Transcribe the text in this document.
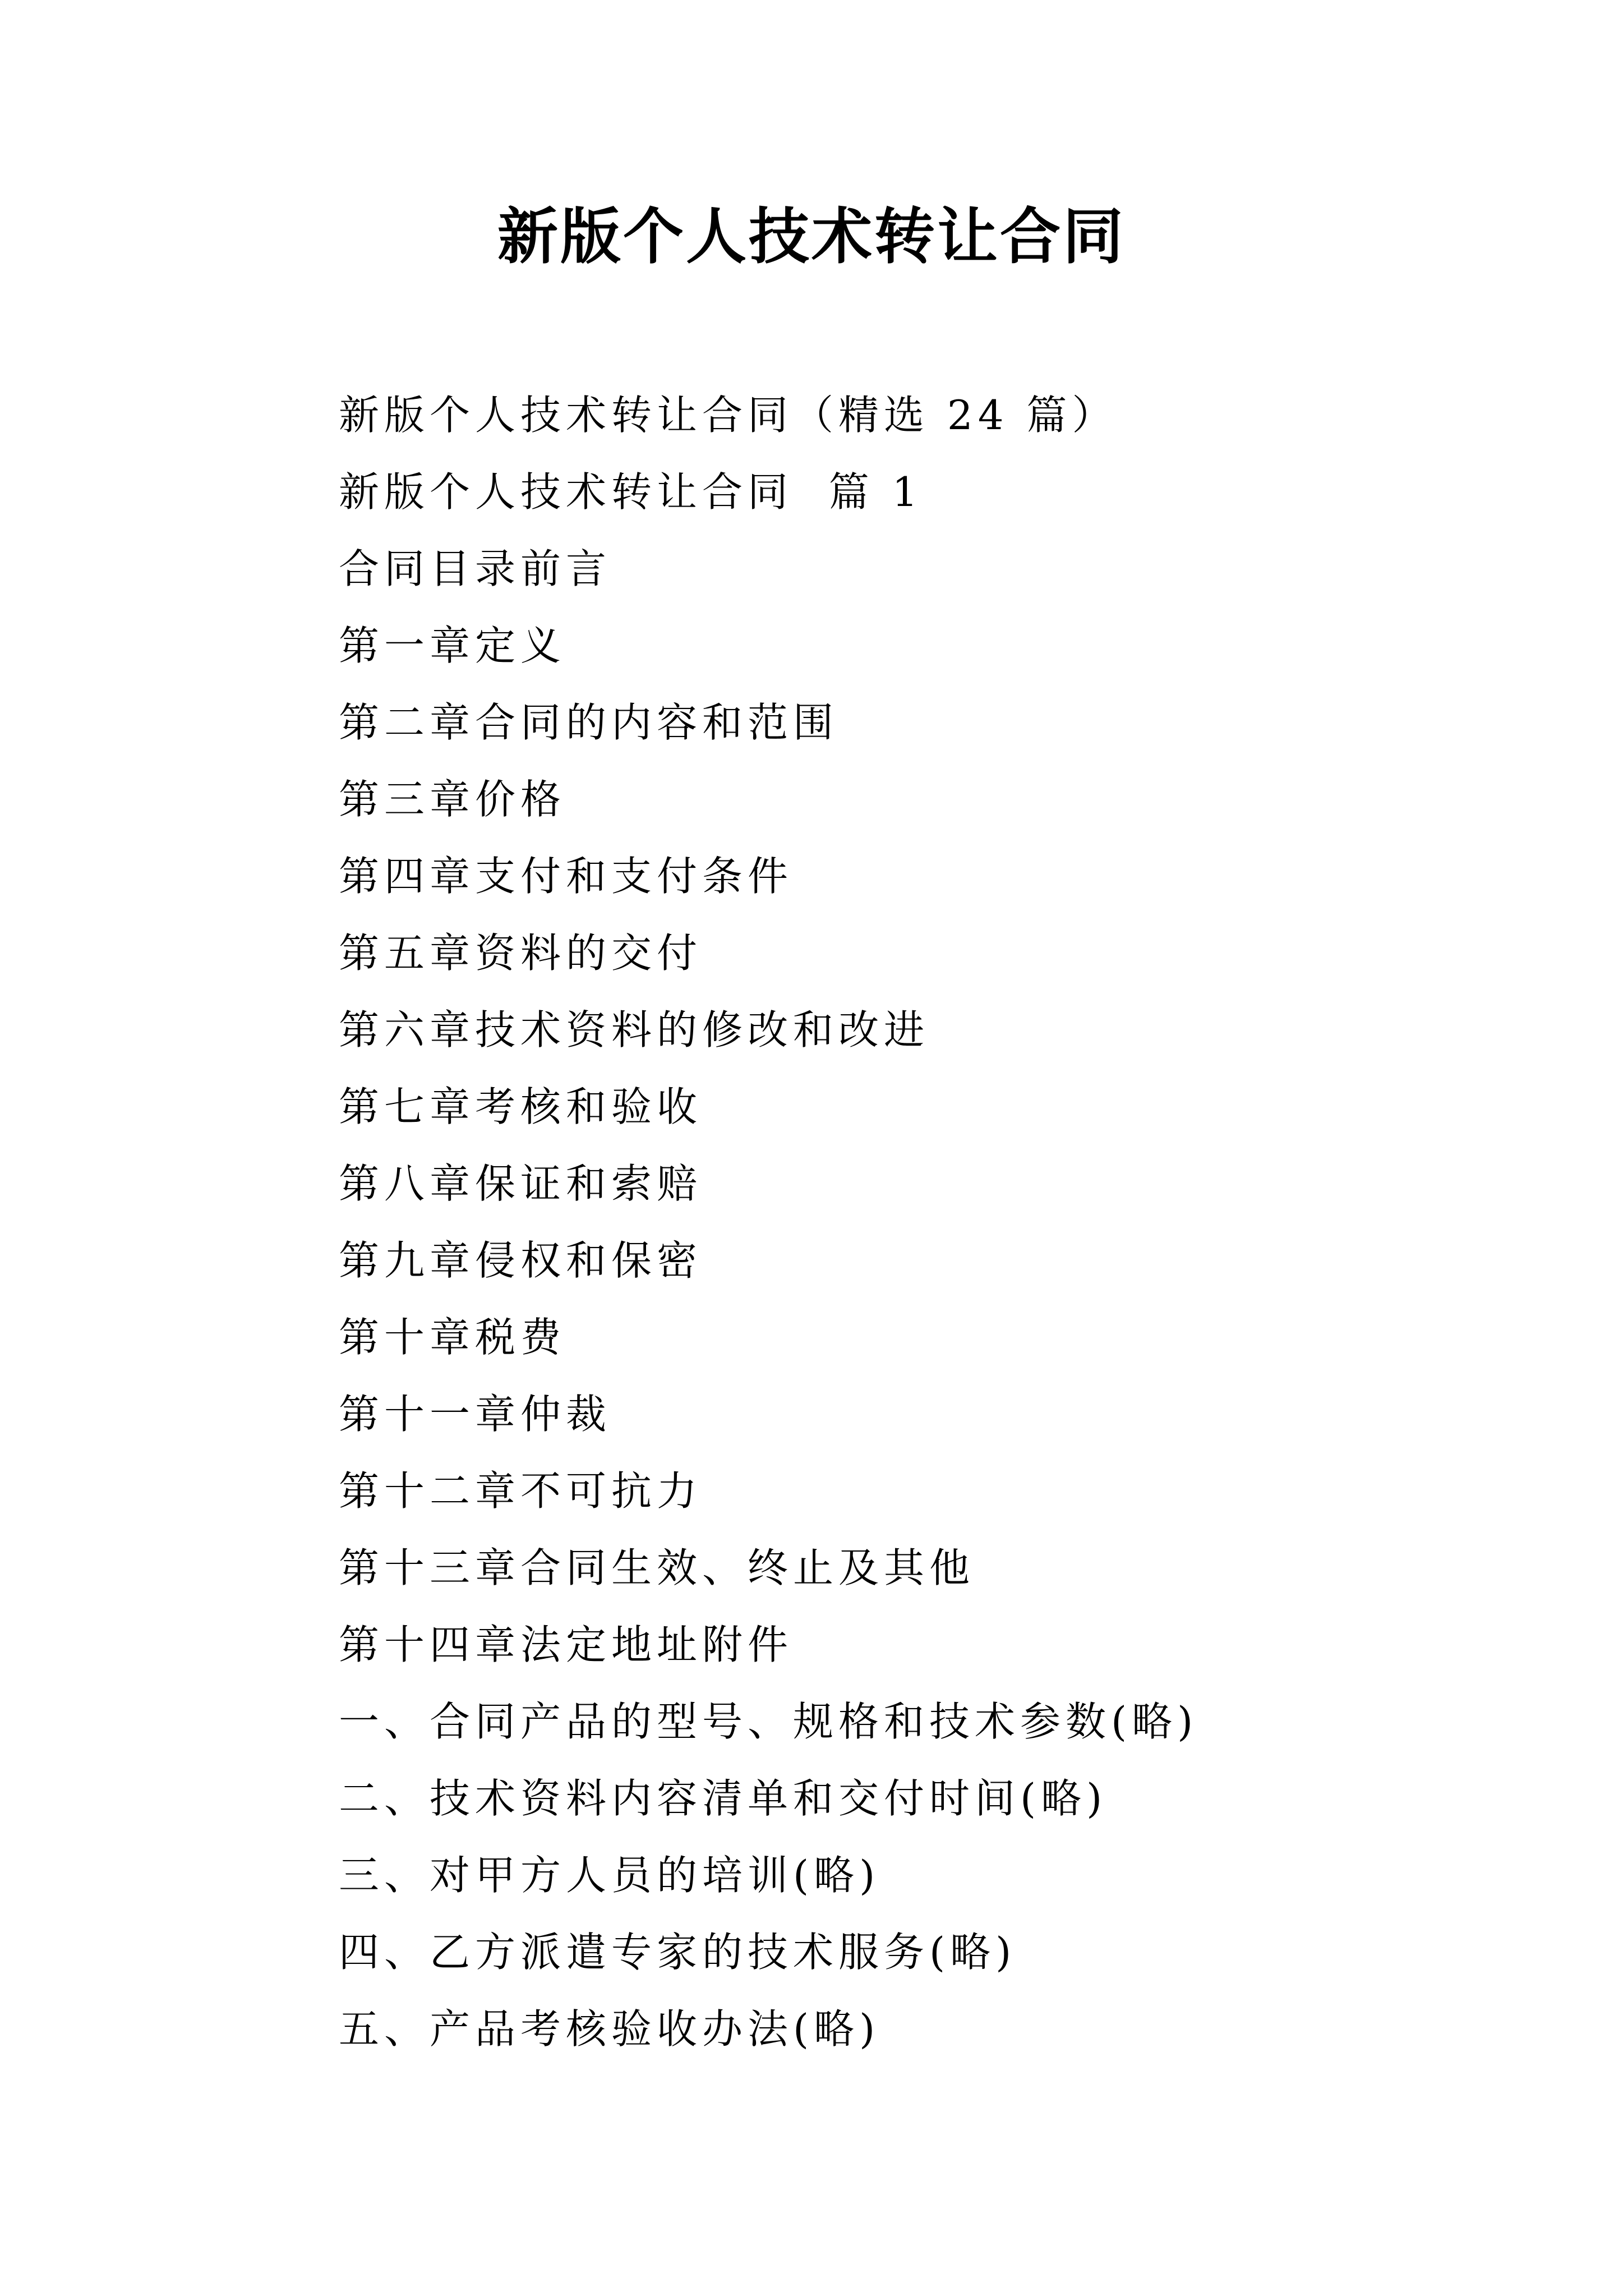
新版个人技术转让合同
新版个人技术转让合同（精选 24 篇）
新版个人技术转让合同  篇 1
合同目录前言
第一章定义
第二章合同的内容和范围
第三章价格
第四章支付和支付条件
第五章资料的交付
第六章技术资料的修改和改进
第七章考核和验收
第八章保证和索赔
第九章侵权和保密
第十章税费
第十一章仲裁
第十二章不可抗力
第十三章合同生效、终止及其他
第十四章法定地址附件
一、合同产品的型号、规格和技术参数(略)
二、技术资料内容清单和交付时间(略)
三、对甲方人员的培训(略)
四、乙方派遣专家的技术服务(略)
五、产品考核验收办法(略)
